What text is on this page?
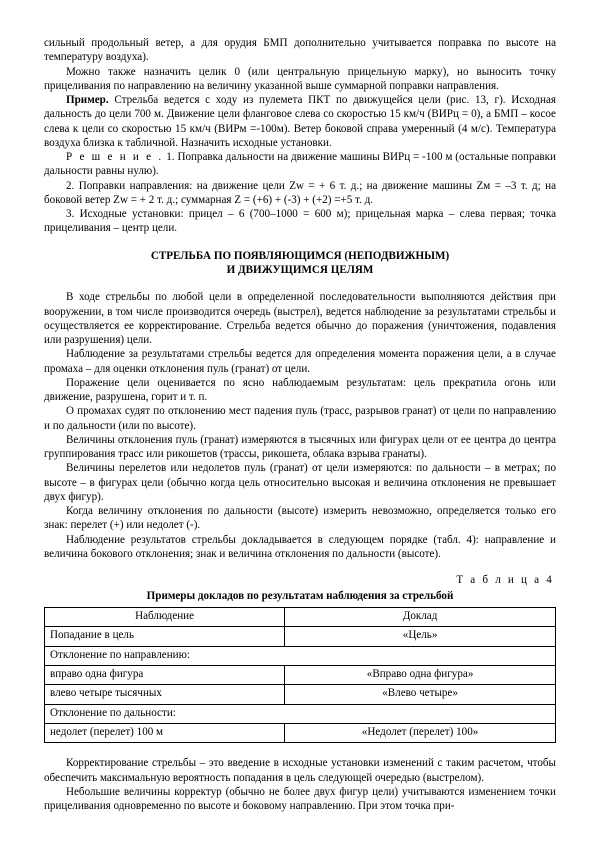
сильный продольный ветер, а для орудия БМП дополнительно учитывается поправка по высоте на температуру воздуха).

Можно также назначить целик 0 (или центральную прицельную марку), но выносить точку прицеливания по направлению на величину указанной выше суммарной поправки направления.

Пример. Стрельба ведется с ходу из пулемета ПКТ по движущейся цели (рис. 13, г). Исходная дальность до цели 700 м. Движение цели фланговое слева со скоростью 15 км/ч (ВИРц = 0), а БМП – косое слева к цели со скоростью 15 км/ч (ВИРм =-100м). Ветер боковой справа умеренный (4 м/с). Температура воздуха близка к табличной. Назначить исходные установки.

Р е ш е н и е . 1. Поправка дальности на движение машины ВИРц = -100 м (остальные поправки дальности равны нулю).

2. Поправки направления: на движение цели Zw = + 6 т. д.; на движение машины Zм = –3 т. д; на боковой ветер Zw = + 2 т. д.; суммарная Z = (+6) + (-3) + (+2) =+5 т. д.

3. Исходные установки: прицел – 6 (700–1000 = 600 м); прицельная марка – слева первая; точка прицеливания – центр цели.

СТРЕЛЬБА ПО ПОЯВЛЯЮЩИМСЯ (НЕПОДВИЖНЫМ)
И ДВИЖУЩИМСЯ ЦЕЛЯМ

В ходе стрельбы по любой цели в определенной последовательности выполняются действия при вооружении, в том числе производится очередь (выстрел), ведется наблюдение за результатами стрельбы и осуществляется ее корректирование. Стрельба ведется обычно до поражения (уничтожения, подавления или разрушения) цели.

Наблюдение за результатами стрельбы ведется для определения момента поражения цели, а в случае промаха – для оценки отклонения пуль (гранат) от цели.

Поражение цели оценивается по ясно наблюдаемым результатам: цель прекратила огонь или движение, разрушена, горит и т. п.

О промахах судят по отклонению мест падения пуль (трасс, разрывов гранат) от цели по направлению и по дальности (или по высоте).

Величины отклонения пуль (гранат) измеряются в тысячных или фигурах цели от ее центра до центра группирования трасс или рикошетов (трассы, рикошета, облака взрыва гранаты).

Величины перелетов или недолетов пуль (гранат) от цели измеряются: по дальности – в метрах; по высоте – в фигурах цели (обычно когда цель относительно высокая и величина отклонения не превышает двух фигур).

Когда величину отклонения по дальности (высоте) измерить невозможно, определяется только его знак: перелет (+) или недолет (-).

Наблюдение результатов стрельбы докладывается в следующем порядке (табл. 4): направление и величина бокового отклонения; знак и величина отклонения по дальности (высоте).

Т а б л и ц а 4
Примеры докладов по результатам наблюдения за стрельбой
Наблюдение	Доклад
Попадание в цель	«Цель»
Отклонение по направлению:	
вправо одна фигура	«Вправо одна фигура»
влево четыре тысячных	«Влево четыре»
Отклонение по дальности:	
недолет (перелет) 100 м	«Недолет (перелет) 100»

Корректирование стрельбы – это введение в исходные установки изменений с таким расчетом, чтобы обеспечить максимальную вероятность попадания в цель следующей очередью (выстрелом).

Небольшие величины корректур (обычно не более двух фигур цели) учитываются изменением точки прицеливания одновременно по высоте и боковому направлению. При этом точка при-
